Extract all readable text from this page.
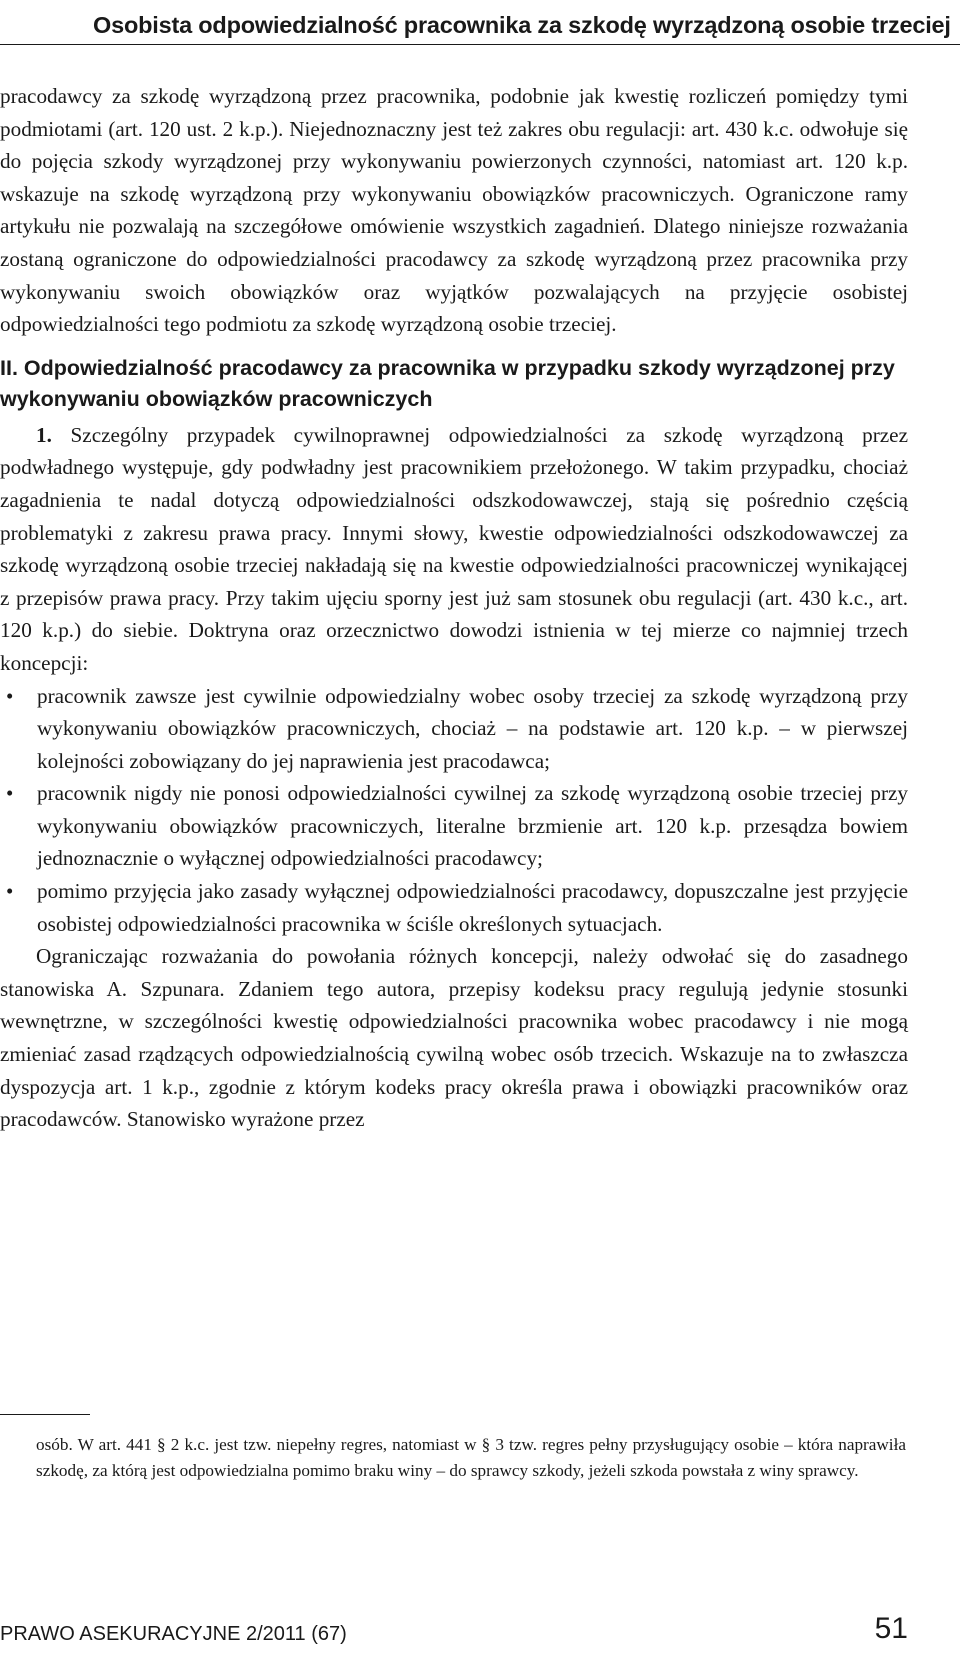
Osobista odpowiedzialność pracownika za szkodę wyrządzoną osobie trzeciej

pracodawcy za szkodę wyrządzoną przez pracownika, podobnie jak kwestię rozliczeń pomiędzy tymi podmiotami (art. 120 ust. 2 k.p.). Niejednoznaczny jest też zakres obu regulacji: art. 430 k.c. odwołuje się do pojęcia szkody wyrządzonej przy wykonywaniu powierzonych czynności, natomiast art. 120 k.p. wskazuje na szkodę wyrządzoną przy wykonywaniu obowiązków pracowniczych. Ograniczone ramy artykułu nie pozwalają na szczegółowe omówienie wszystkich zagadnień. Dlatego niniejsze rozważania zostaną ograniczone do odpowiedzialności pracodawcy za szkodę wyrządzoną przez pracownika przy wykonywaniu swoich obowiązków oraz wyjątków pozwalających na przyjęcie osobistej odpowiedzialności tego podmiotu za szkodę wyrządzoną osobie trzeciej.

II. Odpowiedzialność pracodawcy za pracownika w przypadku szkody wyrządzonej przy wykonywaniu obowiązków pracowniczych

1. Szczególny przypadek cywilnoprawnej odpowiedzialności za szkodę wyrządzoną przez podwładnego występuje, gdy podwładny jest pracownikiem przełożonego. W takim przypadku, chociaż zagadnienia te nadal dotyczą odpowiedzialności odszkodowawczej, stają się pośrednio częścią problematyki z zakresu prawa pracy. Innymi słowy, kwestie odpowiedzialności odszkodowawczej za szkodę wyrządzoną osobie trzeciej nakładają się na kwestie odpowiedzialności pracowniczej wynikającej z przepisów prawa pracy. Przy takim ujęciu sporny jest już sam stosunek obu regulacji (art. 430 k.c., art. 120 k.p.) do siebie. Doktryna oraz orzecznictwo dowodzi istnienia w tej mierze co najmniej trzech koncepcji:

• pracownik zawsze jest cywilnie odpowiedzialny wobec osoby trzeciej za szkodę wyrządzoną przy wykonywaniu obowiązków pracowniczych, chociaż – na podstawie art. 120 k.p. – w pierwszej kolejności zobowiązany do jej naprawienia jest pracodawca;
• pracownik nigdy nie ponosi odpowiedzialności cywilnej za szkodę wyrządzoną osobie trzeciej przy wykonywaniu obowiązków pracowniczych, literalne brzmienie art. 120 k.p. przesądza bowiem jednoznacznie o wyłącznej odpowiedzialności pracodawcy;
• pomimo przyjęcia jako zasady wyłącznej odpowiedzialności pracodawcy, dopuszczalne jest przyjęcie osobistej odpowiedzialności pracownika w ściśle określonych sytuacjach.

Ograniczając rozważania do powołania różnych koncepcji, należy odwołać się do zasadnego stanowiska A. Szpunara. Zdaniem tego autora, przepisy kodeksu pracy regulują jedynie stosunki wewnętrzne, w szczególności kwestię odpowiedzialności pracownika wobec pracodawcy i nie mogą zmieniać zasad rządzących odpowiedzialnością cywilną wobec osób trzecich. Wskazuje na to zwłaszcza dyspozycja art. 1 k.p., zgodnie z którym kodeks pracy określa prawa i obowiązki pracowników oraz pracodawców. Stanowisko wyrażone przez

osób. W art. 441 § 2 k.c. jest tzw. niepełny regres, natomiast w § 3 tzw. regres pełny przysługujący osobie – która naprawiła szkodę, za którą jest odpowiedzialna pomimo braku winy – do sprawcy szkody, jeżeli szkoda powstała z winy sprawcy.
PRAWO ASEKURACYJNE 2/2011 (67)	51
